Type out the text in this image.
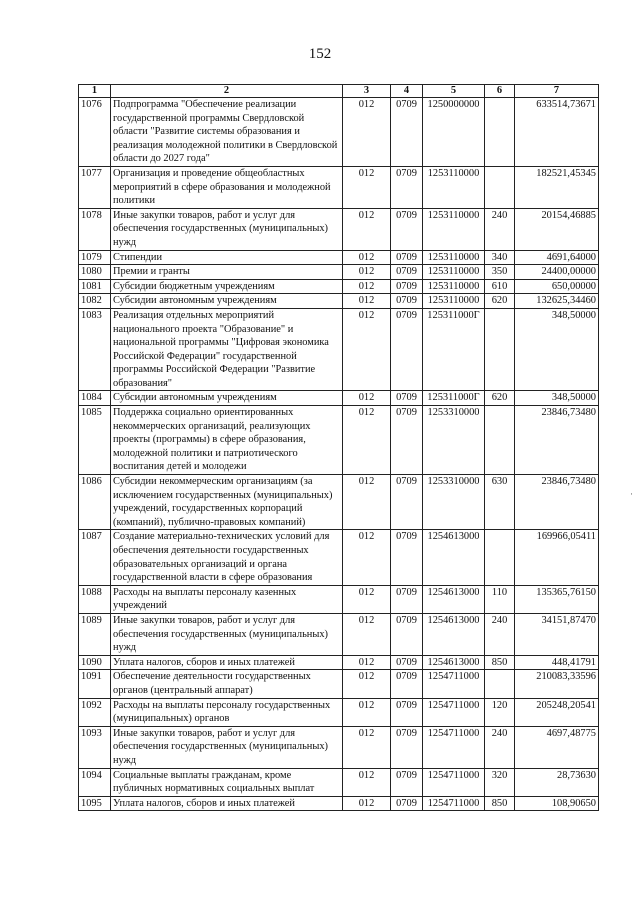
152
1	2	3	4	5	6	7
1076	Подпрограмма "Обеспечение реализации государственной программы Свердловской области "Развитие системы образования и реализация молодежной политики в Свердловской области до 2027 года"	012	0709	1250000000		633514,73671
1077	Организация и проведение общеобластных мероприятий в сфере образования и молодежной политики	012	0709	1253110000		182521,45345
1078	Иные закупки товаров, работ и услуг для обеспечения государственных (муниципальных) нужд	012	0709	1253110000	240	20154,46885
1079	Стипендии	012	0709	1253110000	340	4691,64000
1080	Премии и гранты	012	0709	1253110000	350	24400,00000
1081	Субсидии бюджетным учреждениям	012	0709	1253110000	610	650,00000
1082	Субсидии автономным учреждениям	012	0709	1253110000	620	132625,34460
1083	Реализация отдельных мероприятий национального проекта "Образование" и национальной программы "Цифровая экономика Российской Федерации" государственной программы Российской Федерации "Развитие образования"	012	0709	125311000Г		348,50000
1084	Субсидии автономным учреждениям	012	0709	125311000Г	620	348,50000
1085	Поддержка социально ориентированных некоммерческих организаций, реализующих проекты (программы) в сфере образования, молодежной политики и патриотического воспитания детей и молодежи	012	0709	1253310000		23846,73480
1086	Субсидии некоммерческим организациям (за исключением государственных (муниципальных) учреждений, государственных корпораций (компаний), публично-правовых компаний)	012	0709	1253310000	630	23846,73480
1087	Создание материально-технических условий для обеспечения деятельности государственных образовательных организаций и органа государственной власти в сфере образования	012	0709	1254613000		169966,05411
1088	Расходы на выплаты персоналу казенных учреждений	012	0709	1254613000	110	135365,76150
1089	Иные закупки товаров, работ и услуг для обеспечения государственных (муниципальных) нужд	012	0709	1254613000	240	34151,87470
1090	Уплата налогов, сборов и иных платежей	012	0709	1254613000	850	448,41791
1091	Обеспечение деятельности государственных органов (центральный аппарат)	012	0709	1254711000		210083,33596
1092	Расходы на выплаты персоналу государственных (муниципальных) органов	012	0709	1254711000	120	205248,20541
1093	Иные закупки товаров, работ и услуг для обеспечения государственных (муниципальных) нужд	012	0709	1254711000	240	4697,48775
1094	Социальные выплаты гражданам, кроме публичных нормативных социальных выплат	012	0709	1254711000	320	28,73630
1095	Уплата налогов, сборов и иных платежей	012	0709	1254711000	850	108,90650
·
